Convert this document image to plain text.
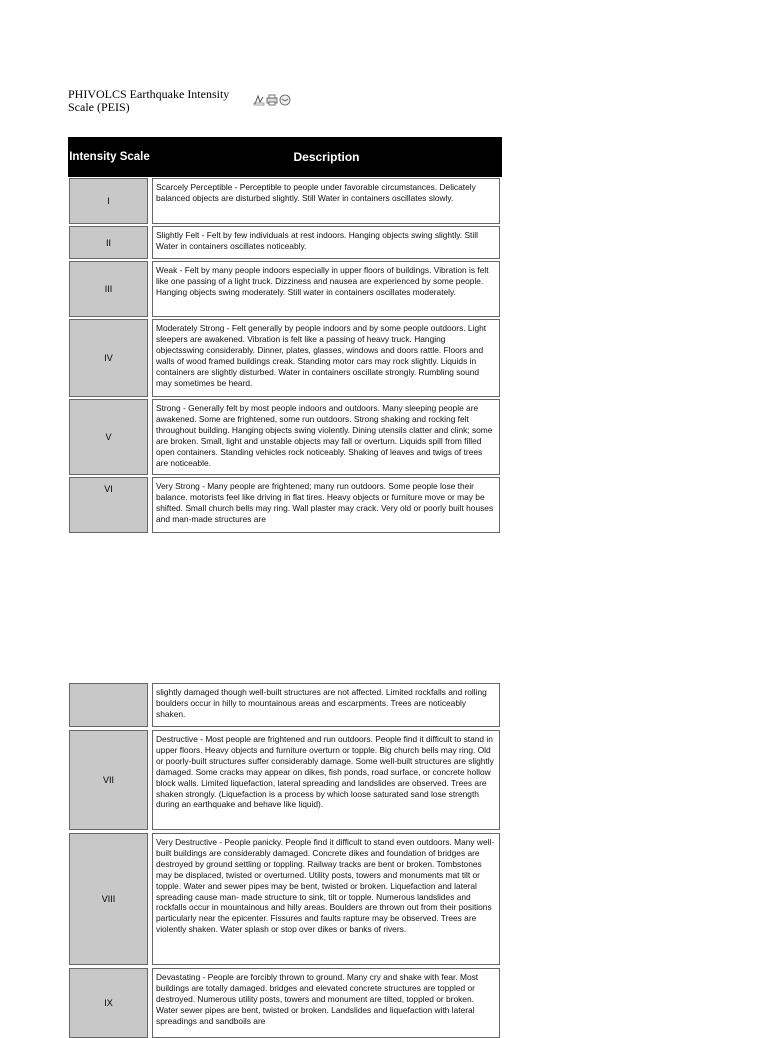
PHIVOLCS Earthquake Intensity Scale (PEIS)
Intensity Scale	Description
I
Scarcely Perceptible - Perceptible to people under favorable circumstances. Delicately balanced objects are disturbed slightly. Still Water in containers oscillates slowly.
II
Slightly Felt - Felt by few individuals at rest indoors. Hanging objects swing slightly. Still Water in containers oscillates noticeably.
III
Weak - Felt by many people indoors especially in upper floors of buildings. Vibration is felt like one passing of a light truck. Dizziness and nausea are experienced by some people. Hanging objects swing moderately. Still water in containers oscillates moderately.
IV
Moderately Strong - Felt generally by people indoors and by some people outdoors. Light sleepers are awakened. Vibration is felt like a passing of heavy truck. Hanging objectsswing considerably. Dinner, plates, glasses, windows and doors rattle. Floors and walls of wood framed buildings creak. Standing motor cars may rock slightly. Liquids in containers are slightly disturbed. Water in containers oscillate strongly. Rumbling sound may sometimes be heard.
V
Strong - Generally felt by most people indoors and outdoors. Many sleeping people are awakened. Some are frightened, some run outdoors. Strong shaking and rocking felt throughout building. Hanging objects swing violently. Dining utensils clatter and clink; some are broken. Small, light and unstable objects may fall or overturn. Liquids spill from filled open containers. Standing vehicles rock noticeably. Shaking of leaves and twigs of trees are noticeable.
VI	Very Strong - Many people are frightened; many run outdoors. Some people lose their balance. motorists feel like driving in flat tires. Heavy objects or furniture move or may be shifted. Small church bells may ring. Wall plaster may crack. Very old or poorly built houses and man-made structures are
slightly damaged though well-built structures are not affected. Limited rockfalls and rolling boulders occur in hilly to mountainous areas and escarpments. Trees are noticeably shaken.
VII
Destructive - Most people are frightened and run outdoors. People find it difficult to stand in upper floors. Heavy objects and furniture overturn or topple. Big church bells may ring. Old or poorly-built structures suffer considerably damage. Some well-built structures are slightly damaged. Some cracks may appear on dikes, fish ponds, road surface, or concrete hollow block walls. Limited liquefaction, lateral spreading and landslides are observed. Trees are shaken strongly. (Liquefaction is a process by which loose saturated sand lose strength during an earthquake and behave like liquid).
VIII
Very Destructive - People panicky. People find it difficult to stand even outdoors. Many well-built buildings are considerably damaged. Concrete dikes and foundation of bridges are destroyed by ground settling or toppling. Railway tracks are bent or broken. Tombstones may be displaced, twisted or overturned. Utility posts, towers and monuments mat tilt or topple. Water and sewer pipes may be bent, twisted or broken. Liquefaction and lateral spreading cause man- made structure to sink, tilt or topple. Numerous landslides and rockfalls occur in mountainous and hilly areas. Boulders are thrown out from their positions particularly near the epicenter. Fissures and faults rapture may be observed. Trees are violently shaken. Water splash or stop over dikes or banks of rivers.
IX
Devastating - People are forcibly thrown to ground. Many cry and shake with fear. Most buildings are totally damaged. bridges and elevated concrete structures are toppled or destroyed. Numerous utility posts, towers and monument are tilted, toppled or broken. Water sewer pipes are bent, twisted or broken. Landslides and liquefaction with lateral spreadings and sandboils are
